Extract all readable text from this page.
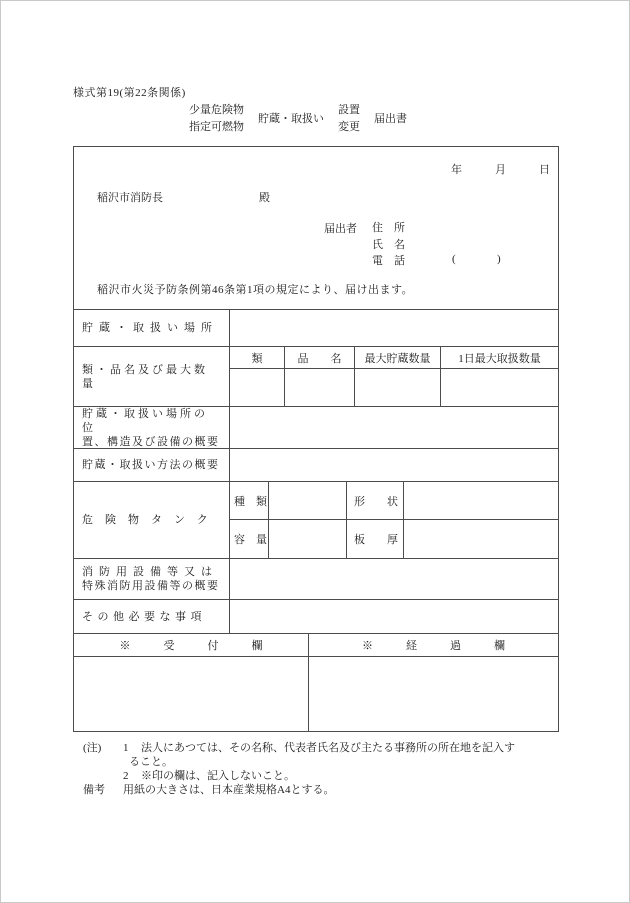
様式第19(第22条関係)
少量危険物
指定可燃物
貯蔵・取扱い
設置
変更
届出書
年　　　月　　　日
稲沢市消防長	殿
届出者 住　所
氏　名
電　話	(	)
稲沢市火災予防条例第46条第1項の規定により、届け出ます。
貯蔵・取扱い場所
類・品名及び最大数量
類	品　　名	最大貯蔵数量	1日最大取扱数量
貯蔵・取扱い場所の位
置、構造及び設備の概要
貯蔵・取扱い方法の概要
危険物タンク
種　類	形　　状
容　量	板　　厚
消防用設備等又は
特殊消防用設備等の概要
その他必要な事項
※　　　受　　　付　　　欄	※　　　経　　　過　　　欄
(注) 1 法人にあつては、その名称、代表者氏名及び主たる事務所の所在地を記入す
ること。
2 ※印の欄は、記入しないこと。
備考 用紙の大きさは、日本産業規格A4とする。
